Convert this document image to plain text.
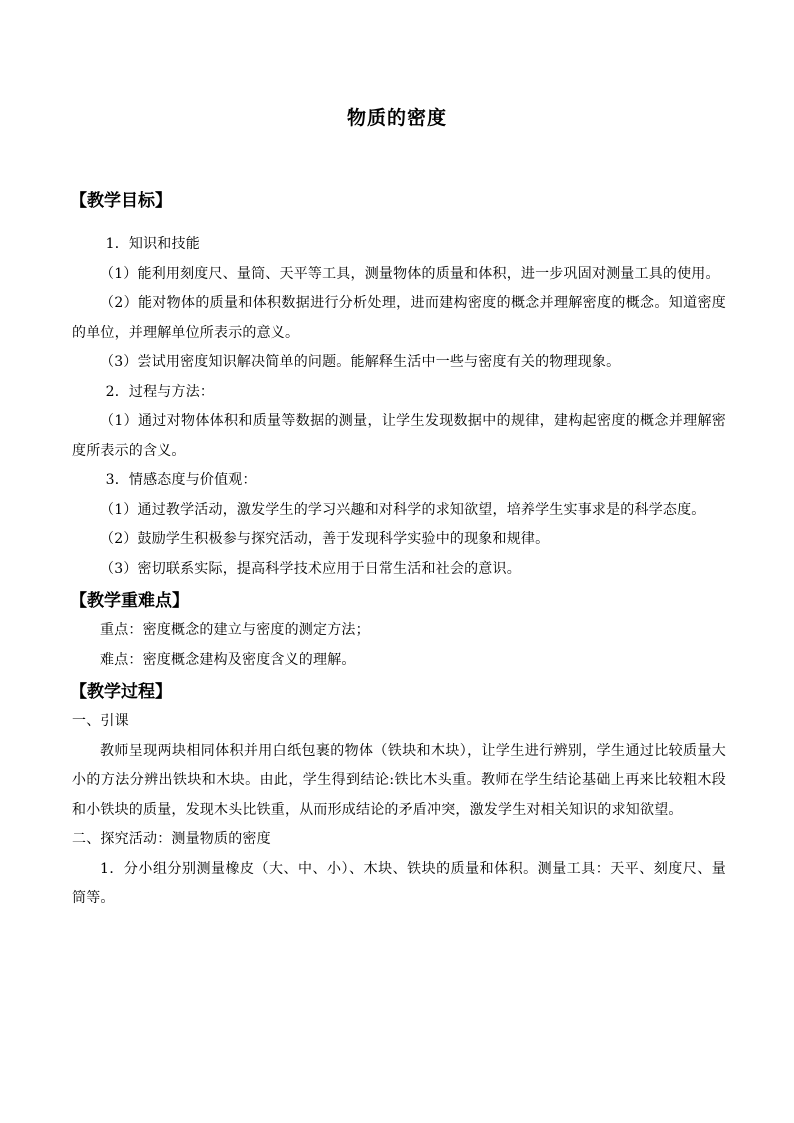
物质的密度

【教学目标】

1．知识和技能

（1）能利用刻度尺、量筒、天平等工具，测量物体的质量和体积，进一步巩固对测量工具的使用。

（2）能对物体的质量和体积数据进行分析处理，进而建构密度的概念并理解密度的概念。知道密度的单位，并理解单位所表示的意义。

（3）尝试用密度知识解决简单的问题。能解释生活中一些与密度有关的物理现象。

2．过程与方法：

（1）通过对物体体积和质量等数据的测量，让学生发现数据中的规律，建构起密度的概念并理解密度所表示的含义。

3．情感态度与价值观：

（1）通过教学活动，激发学生的学习兴趣和对科学的求知欲望，培养学生实事求是的科学态度。

（2）鼓励学生积极参与探究活动，善于发现科学实验中的现象和规律。

（3）密切联系实际，提高科学技术应用于日常生活和社会的意识。

【教学重难点】

重点：密度概念的建立与密度的测定方法；

难点：密度概念建构及密度含义的理解。

【教学过程】

一、引课

教师呈现两块相同体积并用白纸包裹的物体（铁块和木块），让学生进行辨别，学生通过比较质量大小的方法分辨出铁块和木块。由此，学生得到结论:铁比木头重。教师在学生结论基础上再来比较粗木段和小铁块的质量，发现木头比铁重，从而形成结论的矛盾冲突，激发学生对相关知识的求知欲望。

二、探究活动：测量物质的密度

1．分小组分别测量橡皮（大、中、小）、木块、铁块的质量和体积。测量工具：天平、刻度尺、量筒等。
